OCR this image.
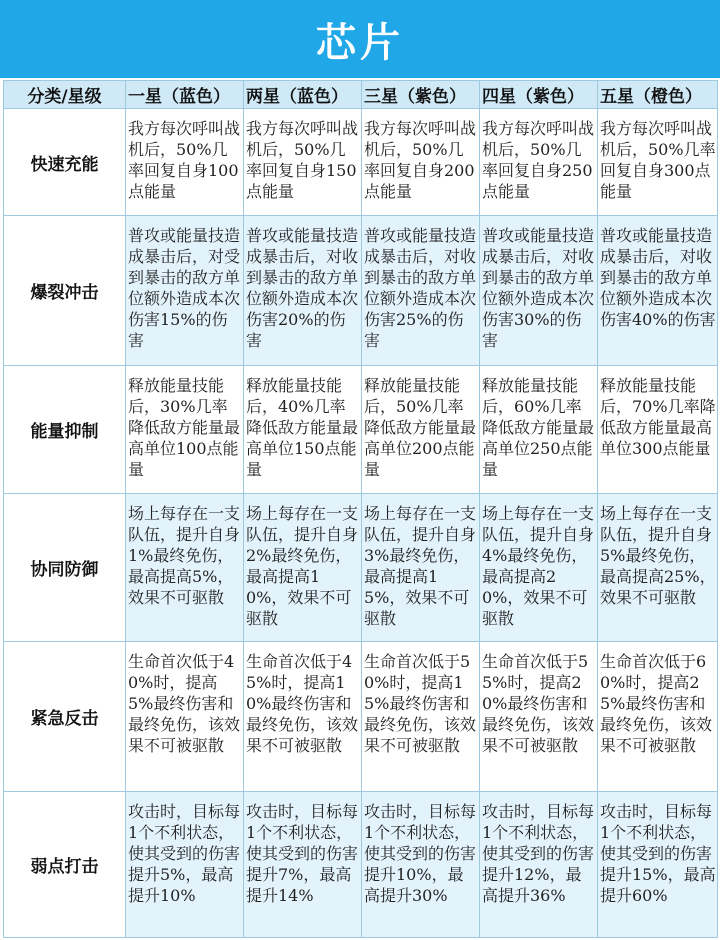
芯片
分类/星级	一星（蓝色）	两星（蓝色）	三星（紫色）	四星（紫色）	五星（橙色）
快速充能	我方每次呼叫战机后，50%几率回复自身100点能量	我方每次呼叫战机后，50%几率回复自身150点能量	我方每次呼叫战机后，50%几率回复自身200点能量	我方每次呼叫战机后，50%几率回复自身250点能量	我方每次呼叫战机后，50%几率回复自身300点能量
爆裂冲击	普攻或能量技造成暴击后，对受到暴击的敌方单位额外造成本次伤害15%的伤害	普攻或能量技造成暴击后，对收到暴击的敌方单位额外造成本次伤害20%的伤害	普攻或能量技造成暴击后，对收到暴击的敌方单位额外造成本次伤害25%的伤害	普攻或能量技造成暴击后，对收到暴击的敌方单位额外造成本次伤害30%的伤害	普攻或能量技造成暴击后，对收到暴击的敌方单位额外造成本次伤害40%的伤害
能量抑制	释放能量技能后，30%几率降低敌方能量最高单位100点能量	释放能量技能后，40%几率降低敌方能量最高单位150点能量	释放能量技能后，50%几率降低敌方能量最高单位200点能量	释放能量技能后，60%几率降低敌方能量最高单位250点能量	释放能量技能后，70%几率降低敌方能量最高单位300点能量
协同防御	场上每存在一支队伍，提升自身1%最终免伤，最高提高5%，效果不可驱散	场上每存在一支队伍，提升自身2%最终免伤，最高提高10%，效果不可驱散	场上每存在一支队伍，提升自身3%最终免伤，最高提高15%，效果不可驱散	场上每存在一支队伍，提升自身4%最终免伤，最高提高20%，效果不可驱散	场上每存在一支队伍，提升自身5%最终免伤，最高提高25%，效果不可驱散
紧急反击	生命首次低于40%时，提高5%最终伤害和最终免伤，该效果不可被驱散	生命首次低于45%时，提高10%最终伤害和最终免伤，该效果不可被驱散	生命首次低于50%时，提高15%最终伤害和最终免伤，该效果不可被驱散	生命首次低于55%时，提高20%最终伤害和最终免伤，该效果不可被驱散	生命首次低于60%时，提高25%最终伤害和最终免伤，该效果不可被驱散
弱点打击	攻击时，目标每1个不利状态，使其受到的伤害提升5%，最高提升10%	攻击时，目标每1个不利状态，使其受到的伤害提升7%，最高提升14%	攻击时，目标每1个不利状态，使其受到的伤害提升10%，最高提升30%	攻击时，目标每1个不利状态，使其受到的伤害提升12%，最高提升36%	攻击时，目标每1个不利状态，使其受到的伤害提升15%，最高提升60%
